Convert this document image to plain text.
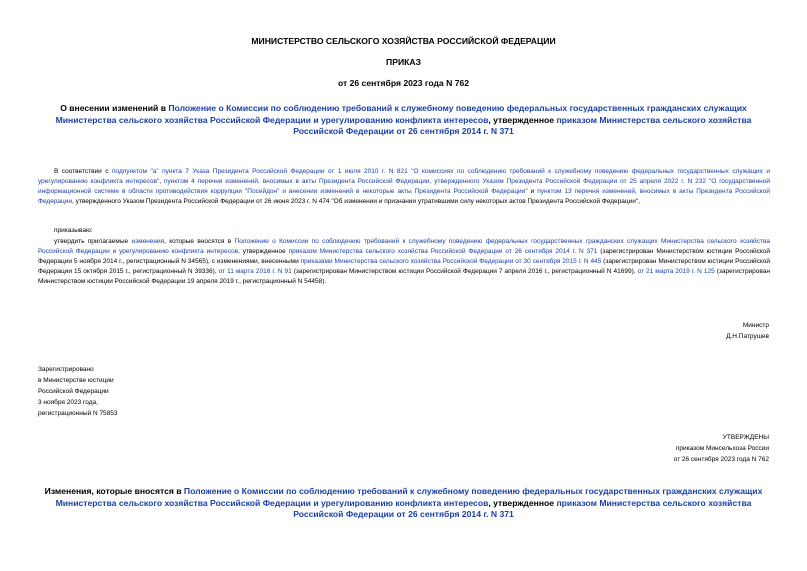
МИНИСТЕРСТВО СЕЛЬСКОГО ХОЗЯЙСТВА РОССИЙСКОЙ ФЕДЕРАЦИИ
ПРИКАЗ
от 26 сентября 2023 года N 762
О внесении изменений в Положение о Комиссии по соблюдению требований к служебному поведению федеральных государственных гражданских служащих Министерства сельского хозяйства Российской Федерации и урегулированию конфликта интересов, утвержденное приказом Министерства сельского хозяйства Российской Федерации от 26 сентября 2014 г. N 371
В соответствии с подпунктом "а" пункта 7 Указа Президента Российской Федерации от 1 июля 2010 г. N 821 "О комиссиях по соблюдению требований к служебному поведению федеральных государственных служащих и урегулированию конфликта интересов", пунктом 4 перечня изменений, вносимых в акты Президента Российской Федерации, утвержденного Указом Президента Российской Федерации от 25 апреля 2022 г. N 232 "О государственной информационной системе в области противодействия коррупции "Посейдон" и внесении изменений в некоторые акты Президента Российской Федерации" и пунктом 13 перечня изменений, вносимых в акты Президента Российской Федерации, утвержденного Указом Президента Российской Федерации от 26 июня 2023 г. N 474 "Об изменении и признании утратившими силу некоторых актов Президента Российской Федерации",
приказываю:
утвердить прилагаемые изменения, которые вносятся в Положение о Комиссии по соблюдению требований к служебному поведению федеральных государственных гражданских служащих Министерства сельского хозяйства Российской Федерации и урегулированию конфликта интересов, утвержденное приказом Министерства сельского хозяйства Российской Федерации от 26 сентября 2014 г. N 371 (зарегистрирован Министерством юстиции Российской Федерации 5 ноября 2014 г., регистрационный N 34565), с изменениями, внесенными приказами Министерства сельского хозяйства Российской Федерации от 30 сентября 2015 г. N 445 (зарегистрирован Министерством юстиции Российской Федерации 15 октября 2015 г., регистрационный N 39336), от 11 марта 2016 г. N 91 (зарегистрирован Министерством юстиции Российской Федерации 7 апреля 2016 г., регистрационный N 41699), от 21 марта 2019 г. N 125 (зарегистрирован Министерством юстиции Российской Федерации 19 апреля 2019 г., регистрационный N 54458).
Министр
Д.Н.Патрушев
Зарегистрировано
в Министерстве юстиции
Российской Федерации
3 ноября 2023 года,
регистрационный N 75853
УТВЕРЖДЕНЫ
приказом Минсельхоза России
от 26 сентября 2023 года N 762
Изменения, которые вносятся в Положение о Комиссии по соблюдению требований к служебному поведению федеральных государственных гражданских служащих Министерства сельского хозяйства Российской Федерации и урегулированию конфликта интересов, утвержденное приказом Министерства сельского хозяйства Российской Федерации от 26 сентября 2014 г. N 371
